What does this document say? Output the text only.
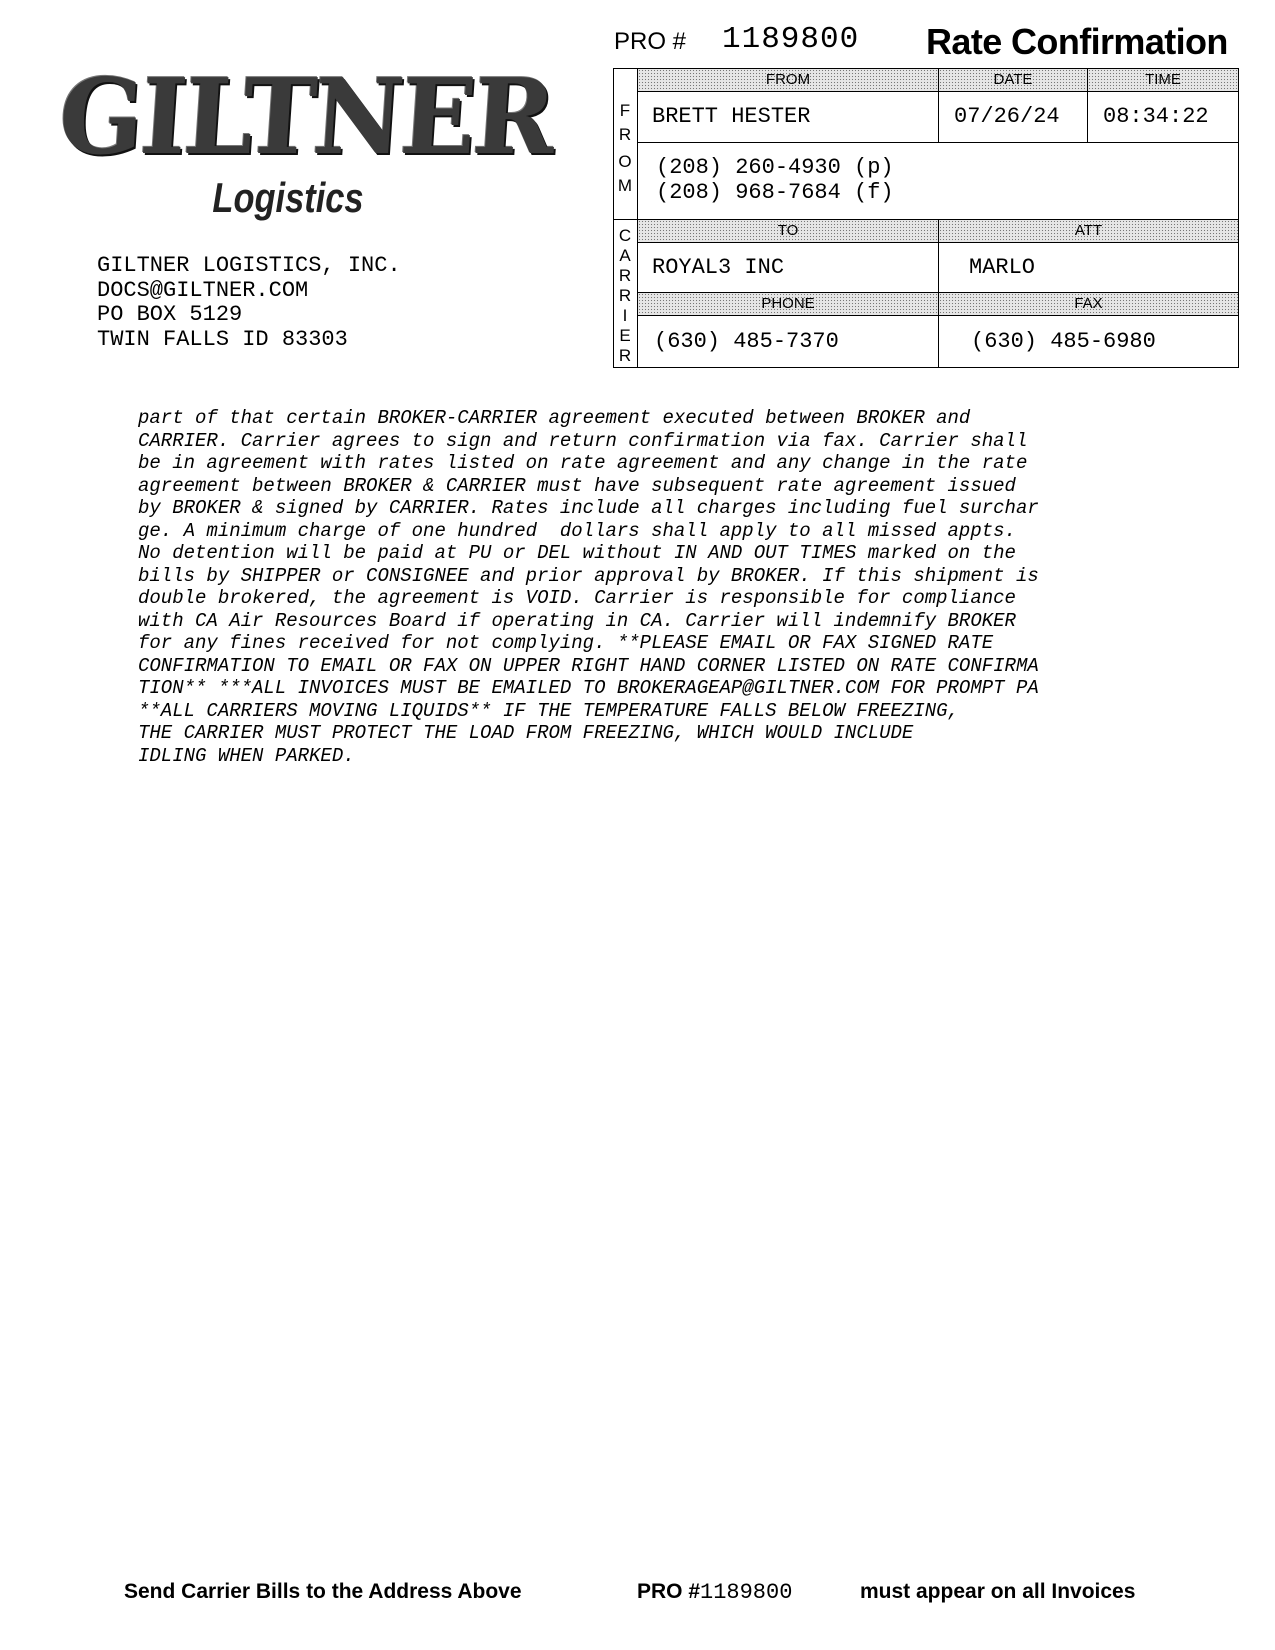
GILTNER
Logistics
GILTNER LOGISTICS, INC.
DOCS@GILTNER.COM
PO BOX 5129
TWIN FALLS ID 83303
PRO # 1189800 Rate Confirmation
F
R
O
M
C
A
R
R
I
E
R
FROM	DATE	TIME
BRETT HESTER	07/26/24 08:34:22
(208) 260-4930 (p)
(208) 968-7684 (f)
TO	ATT
ROYAL3 INC	MARLO
PHONE	FAX
(630) 485-7370	(630) 485-6980
part of that certain BROKER-CARRIER agreement executed between BROKER and
CARRIER. Carrier agrees to sign and return confirmation via fax. Carrier shall
be in agreement with rates listed on rate agreement and any change in the rate
agreement between BROKER & CARRIER must have subsequent rate agreement issued
by BROKER & signed by CARRIER. Rates include all charges including fuel surchar
ge. A minimum charge of one hundred  dollars shall apply to all missed appts.
No detention will be paid at PU or DEL without IN AND OUT TIMES marked on the
bills by SHIPPER or CONSIGNEE and prior approval by BROKER. If this shipment is
double brokered, the agreement is VOID. Carrier is responsible for compliance
with CA Air Resources Board if operating in CA. Carrier will indemnify BROKER
for any fines received for not complying. **PLEASE EMAIL OR FAX SIGNED RATE
CONFIRMATION TO EMAIL OR FAX ON UPPER RIGHT HAND CORNER LISTED ON RATE CONFIRMA
TION** ***ALL INVOICES MUST BE EMAILED TO BROKERAGEAP@GILTNER.COM FOR PROMPT PA
**ALL CARRIERS MOVING LIQUIDS** IF THE TEMPERATURE FALLS BELOW FREEZING,
THE CARRIER MUST PROTECT THE LOAD FROM FREEZING, WHICH WOULD INCLUDE
IDLING WHEN PARKED.
Send Carrier Bills to the Address Above	PRO # 1189800	must appear on all Invoices
